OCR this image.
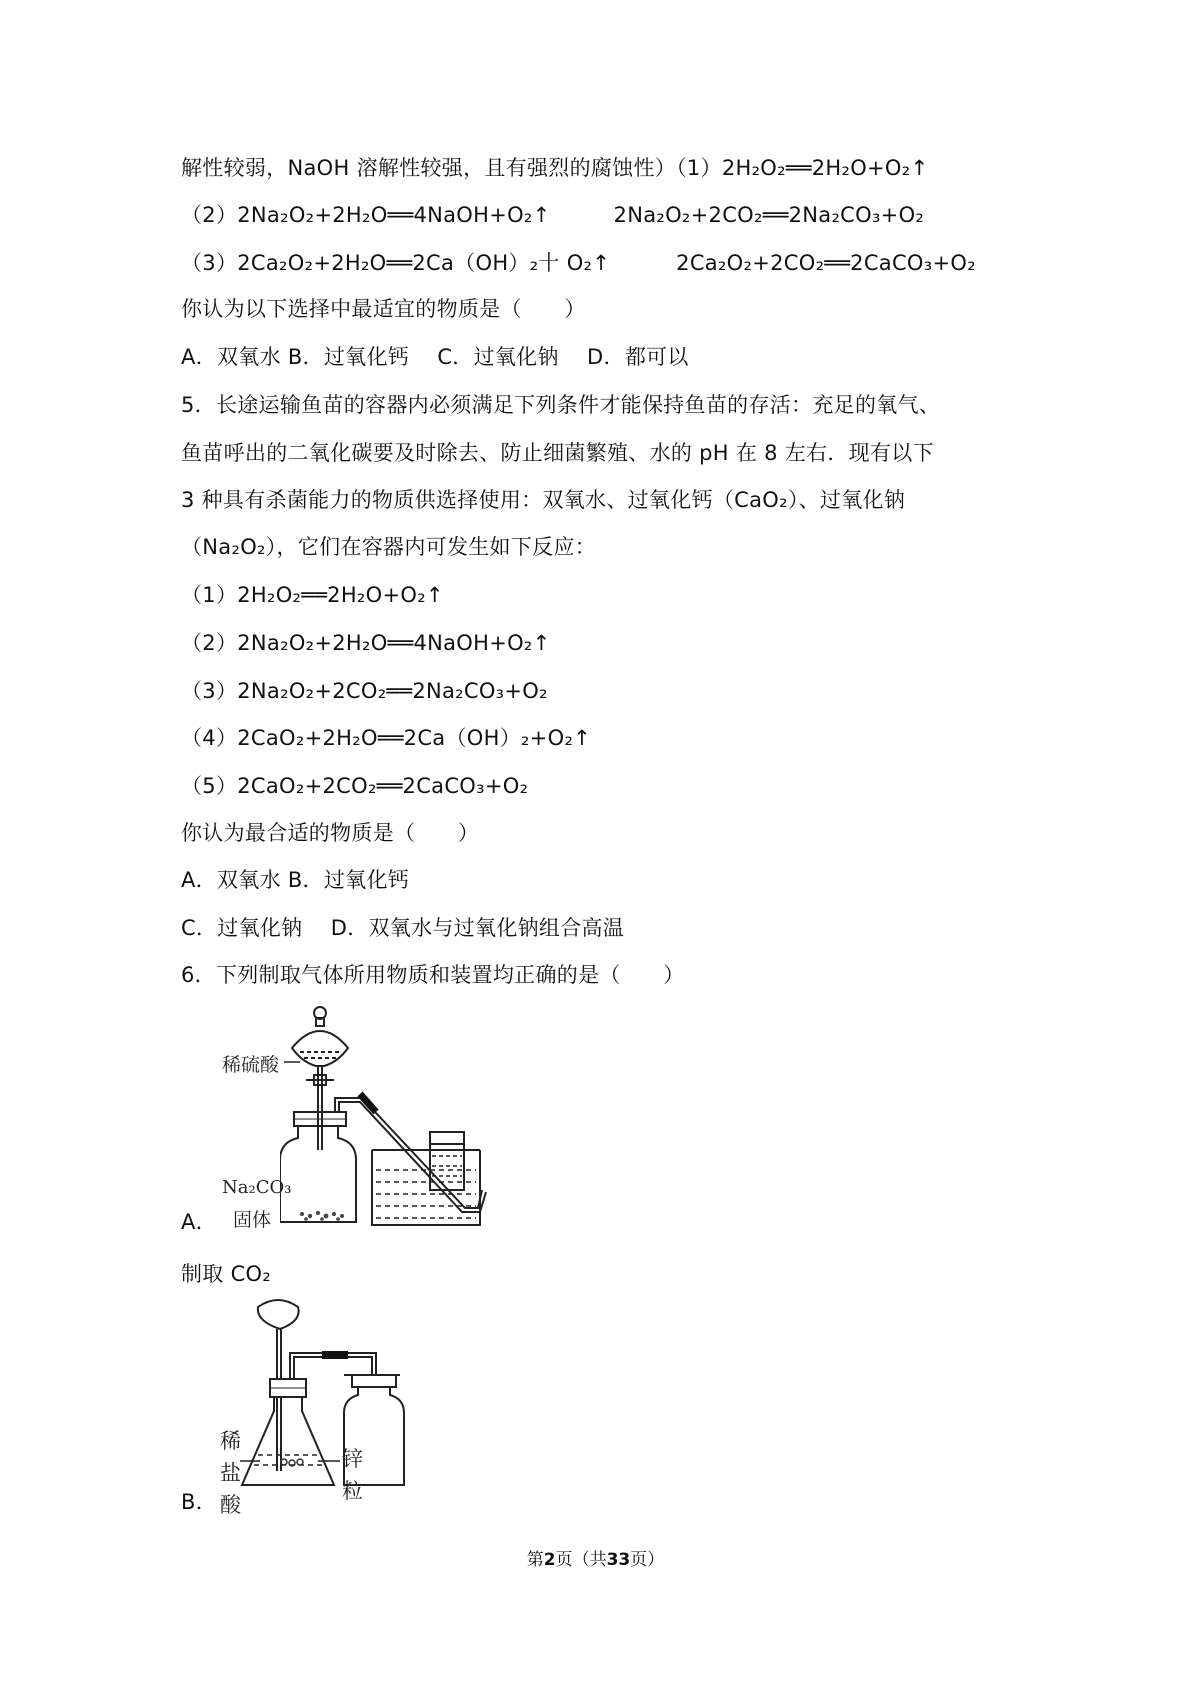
解性较弱，NaOH 溶解性较强，且有强烈的腐蚀性）（1）2H₂O₂══2H₂O+O₂↑
（2）2Na₂O₂+2H₂O══4NaOH+O₂↑	2Na₂O₂+2CO₂══2Na₂CO₃+O₂
（3）2Ca₂O₂+2H₂O══2Ca（OH）₂十 O₂↑	2Ca₂O₂+2CO₂══2CaCO₃+O₂
你认为以下选择中最适宜的物质是（　　）
A．双氧水 B．过氧化钙　 C．过氧化钠　 D．都可以
5．长途运输鱼苗的容器内必须满足下列条件才能保持鱼苗的存活：充足的氧气、
鱼苗呼出的二氧化碳要及时除去、防止细菌繁殖、水的 pH 在 8 左右．现有以下
3 种具有杀菌能力的物质供选择使用：双氧水、过氧化钙（CaO₂）、过氧化钠
（Na₂O₂），它们在容器内可发生如下反应：
（1）2H₂O₂══2H₂O+O₂↑
（2）2Na₂O₂+2H₂O══4NaOH+O₂↑
（3）2Na₂O₂+2CO₂══2Na₂CO₃+O₂
（4）2CaO₂+2H₂O══2Ca（OH）₂+O₂↑
（5）2CaO₂+2CO₂══2CaCO₃+O₂
你认为最合适的物质是（　　）
A．双氧水 B．过氧化钙
C．过氧化钠　 D．双氧水与过氧化钠组合高温
6．下列制取气体所用物质和装置均正确的是（　　）
稀硫酸
Na₂CO₃
固体
A．
制取 CO₂
稀
盐
酸
锌
粒
B．
第2页（共33页）
